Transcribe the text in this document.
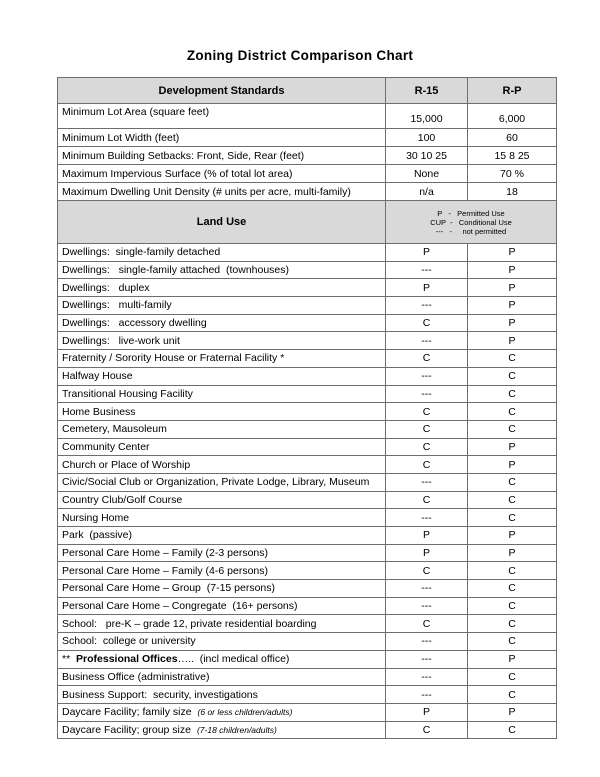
Zoning District Comparison Chart
Development Standards	R-15	R-P
Minimum Lot Area (square feet)	15,000	6,000
Minimum Lot Width (feet)	100	60
Minimum Building Setbacks: Front, Side, Rear (feet)	30 10 25	15 8 25
Maximum Impervious Surface (% of total lot area)	None	70 %
Maximum Dwelling Unit Density (# units per acre, multi-family)	n/a	18
Land Use	P   -   Permitted Use
CUP  -   Conditional Use
---   -     not permitted	

Dwellings:  single-family detached	P	P
Dwellings:   single-family attached  (townhouses)	---	P
Dwellings:   duplex	P	P
Dwellings:   multi-family	---	P
Dwellings:   accessory dwelling	C	P
Dwellings:   live-work unit	---	P
Fraternity / Sorority House or Fraternal Facility *	C	C
Halfway House	---	C
Transitional Housing Facility	---	C
Home Business	C	C
Cemetery, Mausoleum	C	C
Community Center	C	P
Church or Place of Worship	C	P
Civic/Social Club or Organization, Private Lodge, Library, Museum	---	C
Country Club/Golf Course	C	C
Nursing Home	---	C
Park  (passive)	P	P
Personal Care Home – Family (2-3 persons)	P	P
Personal Care Home – Family (4-6 persons)	C	C
Personal Care Home – Group  (7-15 persons)	---	C
Personal Care Home – Congregate  (16+ persons)	---	C
School:   pre-K – grade 12, private residential boarding	C	C
School:  college or university	---	C
**  Professional Offices…..  (incl medical office)	---	P
Business Office (administrative)	---	C
Business Support:  security, investigations	---	C
Daycare Facility; family size (6 or less children/adults)	P	P
Daycare Facility; group size (7-18 children/adults)	C	C
